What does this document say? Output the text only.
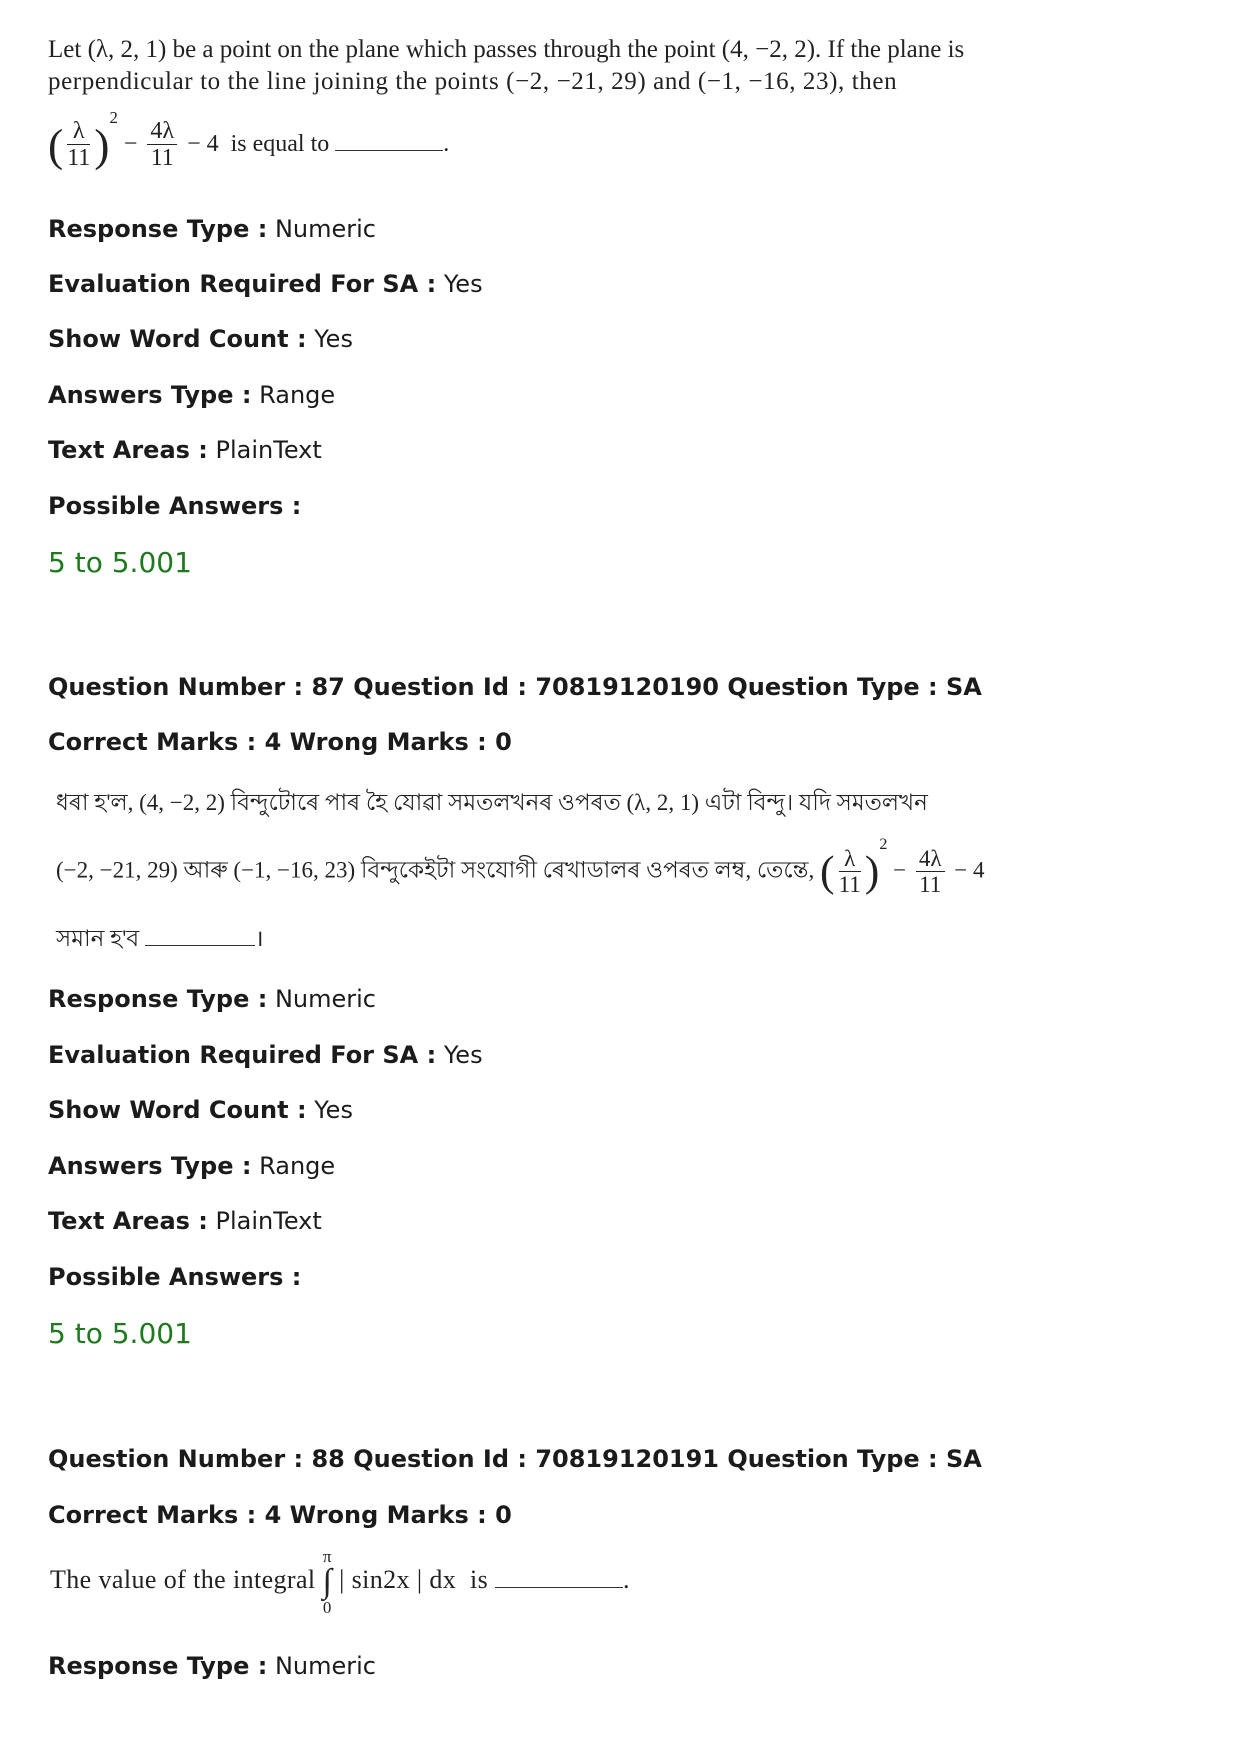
Let (λ, 2, 1) be a point on the plane which passes through the point (4, −2, 2). If the plane is
perpendicular to the line joining the points (−2, −21, 29) and (−1, −16, 23), then
( $\frac{\lambda}{11} )^2 - \frac{4\lambda}{11} - 4$ is equal to	.
Response Type : Numeric
Evaluation Required For SA : Yes
Show Word Count : Yes
Answers Type : Range
Text Areas : PlainText
Possible Answers :
5 to 5.001
Question Number : 87 Question Id : 70819120190 Question Type : SA
Correct Marks : 4 Wrong Marks : 0
ধৰা হ'ল, (4, −2, 2) বিন্দুটোৰে পাৰ হৈ যোৱা সমতলখনৰ ওপৰত (λ, 2, 1) এটা বিন্দু। যদি সমতলখন
(−2, −21, 29) আৰু (−1, −16, 23) বিন্দুকেইটা সংযোগী ৰেখাডালৰ ওপৰত লম্ব, তেন্তে, ( $\frac{\lambda}{11} )^2 - \frac{4\lambda}{11} - 4$
সমান হ'ব	।
Response Type : Numeric
Evaluation Required For SA : Yes
Show Word Count : Yes
Answers Type : Range
Text Areas : PlainText
Possible Answers :
5 to 5.001
Question Number : 88 Question Id : 70819120191 Question Type : SA
Correct Marks : 4 Wrong Marks : 0
The value of the integral
π
∫
0
| sin2x | dx is	.
Response Type : Numeric
